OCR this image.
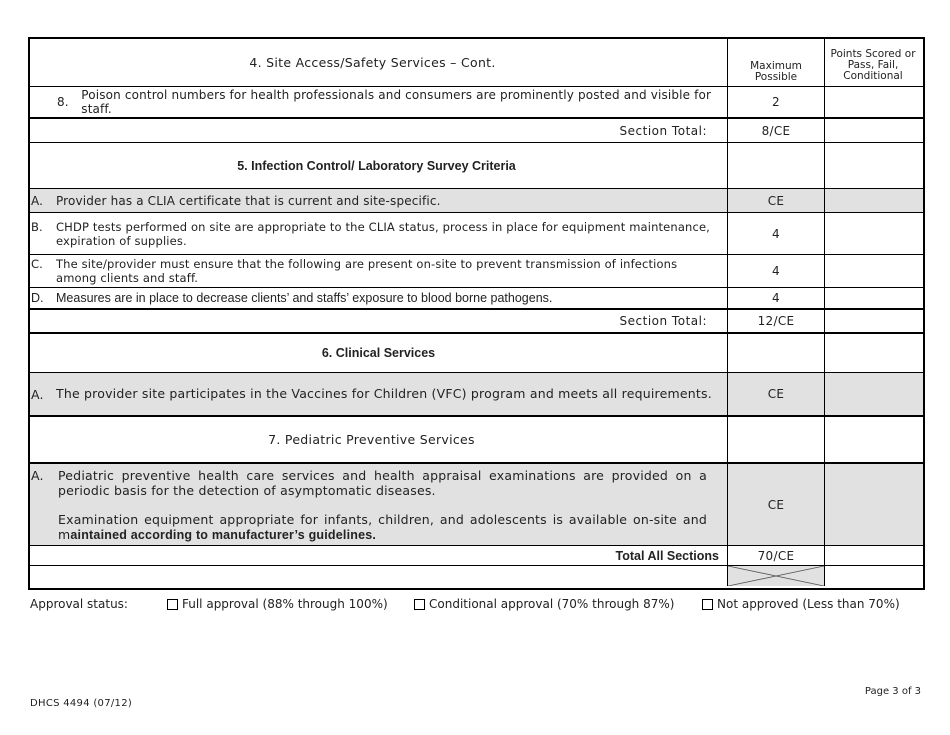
4. Site Access/Safety Services – Cont.	Maximum Possible
Points Scored or Pass, Fail, Conditional
8.	Poison control numbers for health professionals and consumers are prominently posted and visible for staff.	2
Section Total:	8/CE
5. Infection Control/ Laboratory Survey Criteria
A.	Provider has a CLIA certificate that is current and site-specific.	CE
B.	CHDP tests performed on site are appropriate to the CLIA status, process in place for equipment maintenance, expiration of supplies.	4
C.	The site/provider must ensure that the following are present on-site to prevent transmission of infections among clients and staff.	4
D.	Measures are in place to decrease clients’ and staffs’ exposure to blood borne pathogens.	4
Section Total:	12/CE
6. Clinical Services
A. The provider site participates in the Vaccines for Children (VFC) program and meets all requirements.	CE
7. Pediatric Preventive Services
A.	Pediatric preventive health care services and health appraisal examinations are provided on a periodic basis for the detection of asymptomatic diseases.
Examination equipment appropriate for infants, children, and adolescents is available on-site and maintained according to manufacturer’s guidelines.
CE
Total All Sections	70/CE
Approval status:	Full approval (88% through 100%)	Conditional approval (70% through 87%)	Not approved (Less than 70%)
Page 3 of 3
DHCS 4494 (07/12)
